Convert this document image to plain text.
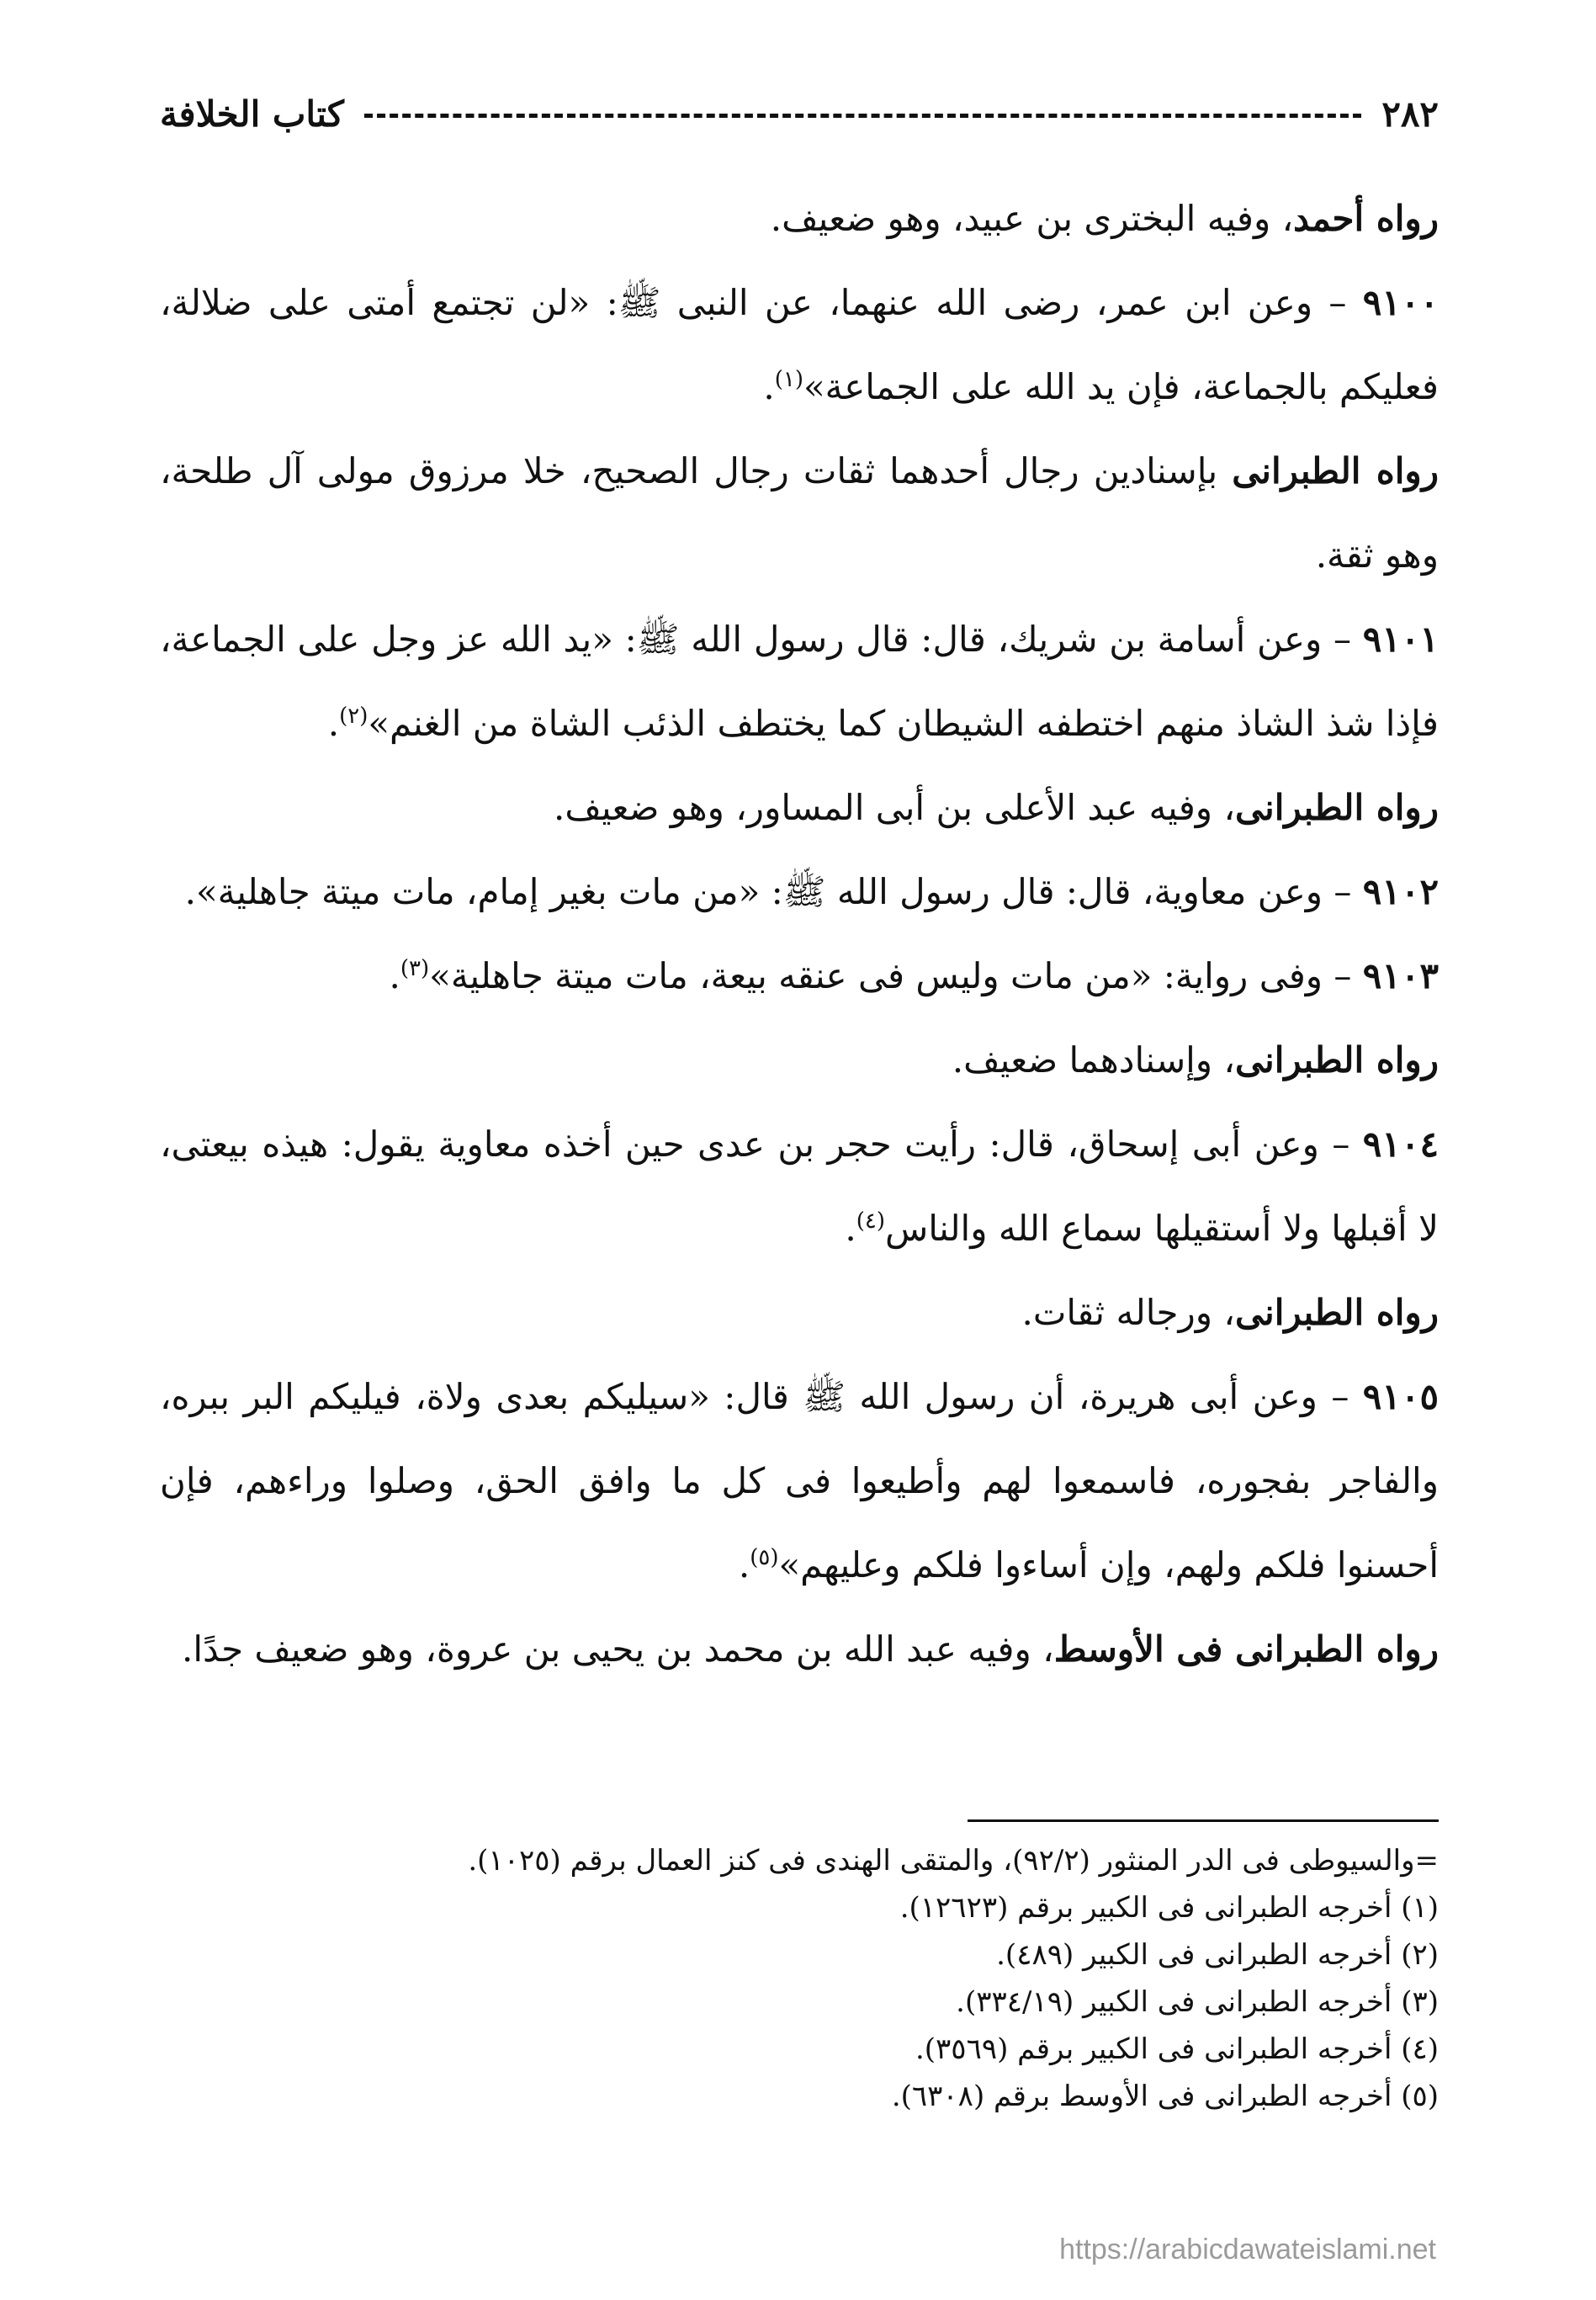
٢٨٢
كتاب الخلافة

رواه أحمد، وفيه البخترى بن عبيد، وهو ضعيف.

٩١٠٠ – وعن ابن عمر، رضى الله عنهما، عن النبى ﷺ: «لن تجتمع أمتى على ضلالة، فعليكم بالجماعة، فإن يد الله على الجماعة»$^{(١)}$.

رواه الطبرانى بإسنادين رجال أحدهما ثقات رجال الصحيح، خلا مرزوق مولى آل طلحة، وهو ثقة.

٩١٠١ – وعن أسامة بن شريك، قال: قال رسول الله ﷺ: «يد الله عز وجل على الجماعة، فإذا شذ الشاذ منهم اختطفه الشيطان كما يختطف الذئب الشاة من الغنم»$^{(٢)}$.

رواه الطبرانى، وفيه عبد الأعلى بن أبى المساور، وهو ضعيف.

٩١٠٢ – وعن معاوية، قال: قال رسول الله ﷺ: «من مات بغير إمام، مات ميتة جاهلية».

٩١٠٣ – وفى رواية: «من مات وليس فى عنقه بيعة، مات ميتة جاهلية»$^{(٣)}$.

رواه الطبرانى، وإسنادهما ضعيف.

٩١٠٤ – وعن أبى إسحاق، قال: رأيت حجر بن عدى حين أخذه معاوية يقول: هيذه بيعتى، لا أقبلها ولا أستقيلها سماع الله والناس$^{(٤)}$.

رواه الطبرانى، ورجاله ثقات.

٩١٠٥ – وعن أبى هريرة، أن رسول الله ﷺ قال: «سيليكم بعدى ولاة، فيليكم البر ببره، والفاجر بفجوره، فاسمعوا لهم وأطيعوا فى كل ما وافق الحق، وصلوا وراءهم، فإن أحسنوا فلكم ولهم، وإن أساءوا فلكم وعليهم»$^{(٥)}$.

رواه الطبرانى فى الأوسط، وفيه عبد الله بن محمد بن يحيى بن عروة، وهو ضعيف جدًا.

=والسيوطى فى الدر المنثور (٩٢/٢)، والمتقى الهندى فى كنز العمال برقم (١٠٢٥).

(١) أخرجه الطبرانى فى الكبير برقم (١٢٦٢٣).

(٢) أخرجه الطبرانى فى الكبير (٤٨٩).

(٣) أخرجه الطبرانى فى الكبير (٣٣٤/١٩).

(٤) أخرجه الطبرانى فى الكبير برقم (٣٥٦٩).

(٥) أخرجه الطبرانى فى الأوسط برقم (٦٣٠٨).

https://arabicdawateislami.net
